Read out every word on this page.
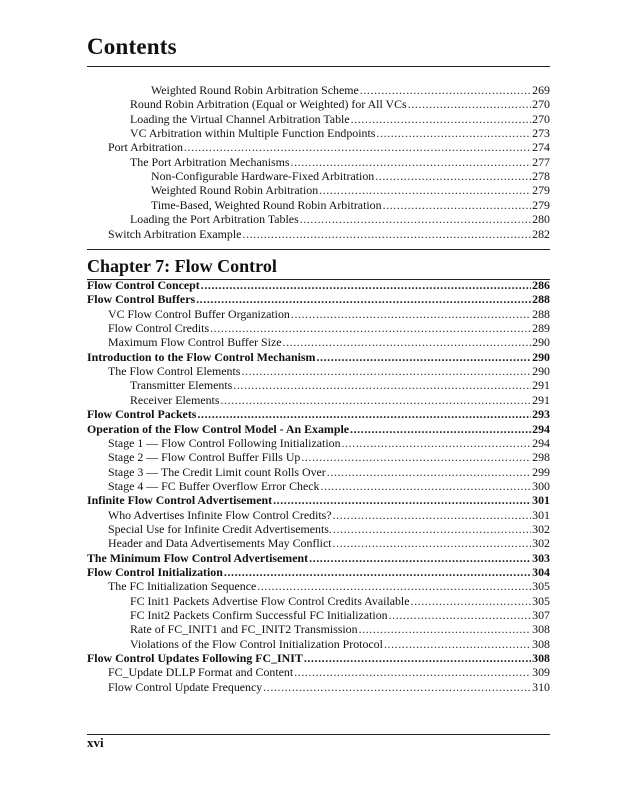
Contents
Weighted Round Robin Arbitration Scheme .....	269
Round Robin Arbitration (Equal or Weighted) for All VCs .....	270
Loading the Virtual Channel Arbitration Table .....	270
VC Arbitration within Multiple Function Endpoints .....	273
Port Arbitration .....	274
The Port Arbitration Mechanisms .....	277
Non-Configurable Hardware-Fixed Arbitration .....	278
Weighted Round Robin Arbitration .....	279
Time-Based, Weighted Round Robin Arbitration .....	279
Loading the Port Arbitration Tables .....	280
Switch Arbitration Example .....	282
Chapter 7: Flow Control
Flow Control Concept .....	286
Flow Control Buffers .....	288
VC Flow Control Buffer Organization .....	288
Flow Control Credits .....	289
Maximum Flow Control Buffer Size .....	290
Introduction to the Flow Control Mechanism .....	290
The Flow Control Elements .....	290
Transmitter Elements .....	291
Receiver Elements .....	291
Flow Control Packets .....	293
Operation of the Flow Control Model - An Example .....	294
Stage 1 — Flow Control Following Initialization .....	294
Stage 2 — Flow Control Buffer Fills Up .....	298
Stage 3 — The Credit Limit count Rolls Over .....	299
Stage 4 — FC Buffer Overflow Error Check .....	300
Infinite Flow Control Advertisement .....	301
Who Advertises Infinite Flow Control Credits? .....	301
Special Use for Infinite Credit Advertisements. .....	302
Header and Data Advertisements May Conflict .....	302
The Minimum Flow Control Advertisement .....	303
Flow Control Initialization .....	304
The FC Initialization Sequence .....	305
FC Init1 Packets Advertise Flow Control Credits Available .....	305
FC Init2 Packets Confirm Successful FC Initialization .....	307
Rate of FC_INIT1 and FC_INIT2 Transmission .....	308
Violations of the Flow Control Initialization Protocol .....	308
Flow Control Updates Following FC_INIT .....	308
FC_Update DLLP Format and Content .....	309
Flow Control Update Frequency .....	310
xvi
